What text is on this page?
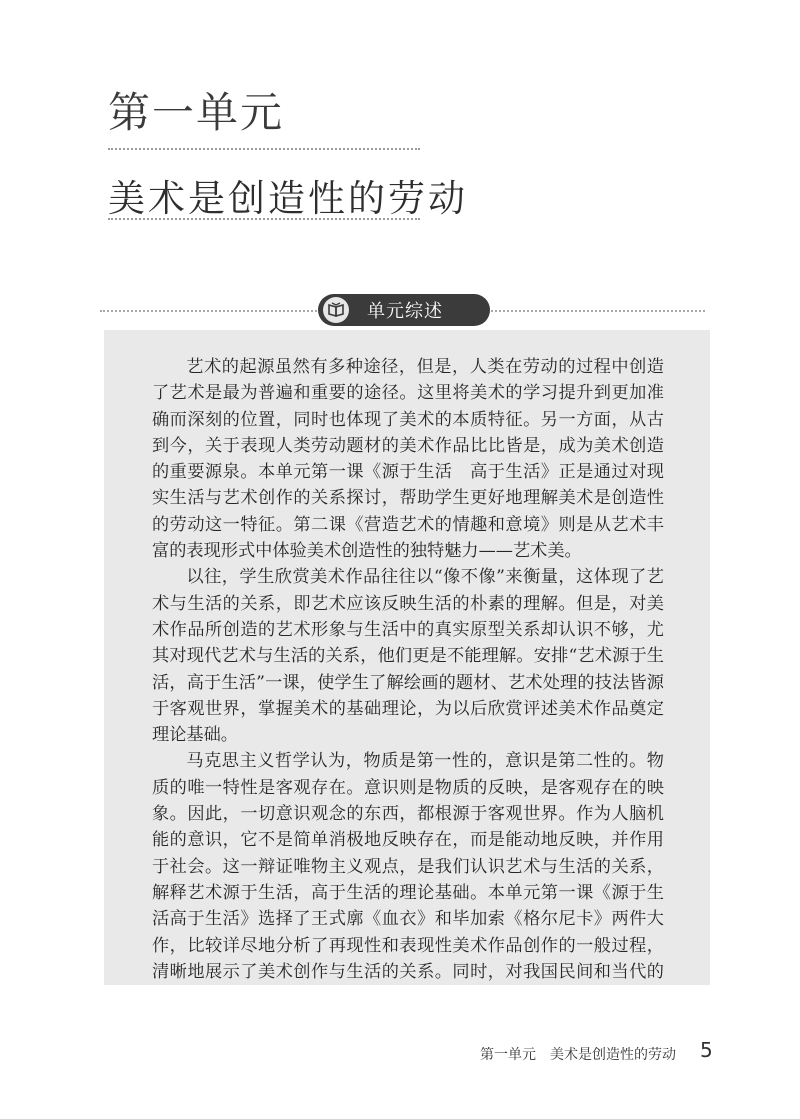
第一单元
美术是创造性的劳动
单元综述

艺术的起源虽然有多种途径，但是，人类在劳动的过程中创造了艺术是最为普遍和重要的途径。这里将美术的学习提升到更加准确而深刻的位置，同时也体现了美术的本质特征。另一方面，从古到今，关于表现人类劳动题材的美术作品比比皆是，成为美术创造的重要源泉。本单元第一课《源于生活　高于生活》正是通过对现实生活与艺术创作的关系探讨，帮助学生更好地理解美术是创造性的劳动这一特征。第二课《营造艺术的情趣和意境》则是从艺术丰富的表现形式中体验美术创造性的独特魅力——艺术美。

以往，学生欣赏美术作品往往以“像不像”来衡量，这体现了艺术与生活的关系，即艺术应该反映生活的朴素的理解。但是，对美术作品所创造的艺术形象与生活中的真实原型关系却认识不够，尤其对现代艺术与生活的关系，他们更是不能理解。安排“艺术源于生活，高于生活”一课，使学生了解绘画的题材、艺术处理的技法皆源于客观世界，掌握美术的基础理论，为以后欣赏评述美术作品奠定理论基础。

马克思主义哲学认为，物质是第一性的，意识是第二性的。物质的唯一特性是客观存在。意识则是物质的反映，是客观存在的映象。因此，一切意识观念的东西，都根源于客观世界。作为人脑机能的意识，它不是简单消极地反映存在，而是能动地反映，并作用于社会。这一辩证唯物主义观点，是我们认识艺术与生活的关系，解释艺术源于生活，高于生活的理论基础。本单元第一课《源于生活高于生活》选择了王式廓《血衣》和毕加索《格尔尼卡》两件大作，比较详尽地分析了再现性和表现性美术作品创作的一般过程，清晰地展示了美术创作与生活的关系。同时，对我国民间和当代的

第一单元　美术是创造性的劳动 5
